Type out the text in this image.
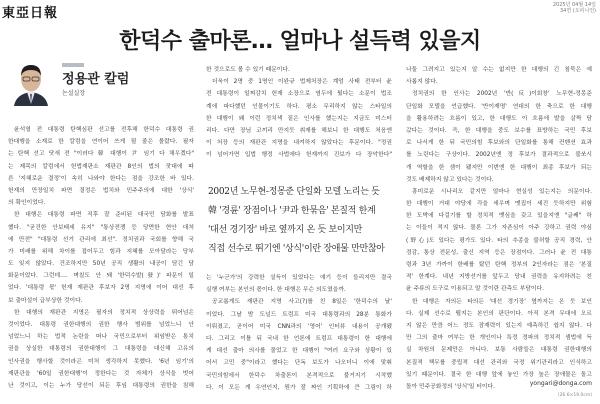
東亞日報
2025년 04월 14일
34면 (오피니언)
한덕수 출마론… 얼마나 설득력 있을지
정용관 칼럼
논설실장
윤석열 전 대통령 탄핵심판 선고를 전후해 한덕수 대통령 권
한대행을 소재로 한 칼럼을 연이어 쓰게 될 줄은 몰랐다. 필자
는 탄핵 선고 닷새 전 "이러다 韓 대행이 尹 임기 다 채우겠다"
는 제목의 칼럼에서 헌법재판소 재판관 8인의 법의 잣대에 따
른 '지혜로운 결정'이 속히 나와야 한다는 점을 강조한 바 있다.
헌재의 만장일치 파면 결정은 법치와 민주주의에 대한 '상식'
의 확인이었다.
한 대행은 대통령 파면 직후 잘 준비된 대국민 담화를 발표
했다. "굳건한 안보태세 유지" "통상전쟁 등 당면한 현안 대처
에 만전" "대통령 선거 관리에 최선". 정치권과 국회를 향해 국
가 미래를 위해 차이를 접어두고 힘과 지혜를 모아달라는 당부
도 잊지 않았다. 건조하지만 50년 공직 생활의 내공이 담긴 담
화문이었다. 그런데…. 며칠도 안 돼 '한덕수발(發)' 파문이 일
었다. '대통령 몫' 헌재 재판관 후보자 2명 지명에 이어 대선 후
보 출마설이 급부상한 것이다.
한 대행의 재판관 지명은 필자의 정치적 상상력을 뛰어넘은
것이었다. 대통령 권한대행의 권한 행사 범위를 넘었느니 안
넘었느니 하는 법적 논란을 떠나 국민으로부터 위임받은 통치
권을 상실한 대통령의 권한대행이 그 대통령을 대신해 고유의
인사권을 행사할 것이라곤 미처 생각하지 못했다. '6년 임기'의
재판관을 '60일 권한대행'이 정한다는 것 자체가 상식을 벗어
난 것이고, 이는 누가 당선이 되든 후임 대통령의 권한을 침해
한 것으로도 볼 수 있기 때문이다.
더욱이 2명 중 1명인 이완규 법제처장은 계엄 사태 전부터 윤
전 대통령이 일찌감치 헌재 소장으로 염두에 뒀다는 소문이 법조
계에 파다했던 인물이기도 하다. 평소 무리하지 않는 스타일의
한 대행이 왜 이런 정치색 짙은 인사를 했는지는 지금도 미스터
리다. 다만 장님 코끼리 만지듯 취재를 해보니 한 대행도 처음엔
이 처장 등의 재판관 지명을 내켜하지 않았다는 후문이다. "정권
이 넘어가면 입법 행정 사법에다 헌재까지 진보가 다 장악한다"
2002년 노무현-정몽준 단일화 모델 노리는 듯
韓 '경륜' 장점이나 '尹과 한묶음' 본질적 한계
'대선 경기장' 바로 옆까지 온 듯 보이지만
직접 선수로 뛰기엔 '상식'이란 장애물 만만찮아
는 '누군가'의 강력한 설득이 있었다는 얘기 등이 들리지만 결국
실행 여부는 본인의 몫이다. 한 대행은 무슨 의도였을까.
공교롭게도 재판관 지명 사고(?)를 친 8일은 '한덕수의 날'
이었다. 그날 밤 도널드 트럼프 미국 대통령과의 28분 통화가
이뤄졌고, 곧이어 미국 CNN과의 '영어' 인터뷰 내용이 공개됐
다. 그리고 이틀 뒤 국내 한 언론에 트럼프 대통령이 한 대행에
게 대선 출마 의사를 물었고 한 대행이 "여러 요구와 상황이 있
어서 고민 중"이라고 했다는 단독 보도가 나오더니 이에 맞춰
국민의힘에서 한덕수 차출론이 본격적으로 불거지기 시작했
다. 이 모든 게 우연인지, 뭔가 잘 짜인 기획하에 큰 그림이 하
나둘 그려지고 있는지 알 수는 없지만 한 대행의 긴 침묵은 예
사롭지 않다.
정치권의 한 인사는 2002년 '반(反)이회창' 노무현-정몽준
단일화 모델을 언급했다. '반이재명' 연대의 한 축으로 한 대행
을 활용하려는 흐름이 있고, 한 대행도 이 흐름에 발을 살짝 담
갔다는 것이다. 즉, 한 대행을 중도 보수를 표방하는 국민 후보
로 나서게 한 뒤 국민의힘 후보와의 단일화를 통해 컨벤션 효과
를 노린다는 구상이다. 2002년엔 정 후보가 결과적으로 불쏘시
개 역할을 한 셈이 됐지만 이번엔 한 대행이 최종 후보가 되는
것도 배제하지 않고 있다는 것이다.
흥미로운 시나리오 같지만 얼마나 현실성 있는지는 의문이다.
한 대행이 거대 야당에 각을 세우며 맷집이 세진 듯하지만 위험
한 도박에 다걸기를 할 정치적 뱃심을 갖고 있을지엔 "글쎄" 하
는 이들이 적지 않다. 물론 그가 자존심이 아주 강하고 권력 야심
(野心)도 있다는 평가도 있다. 타의 추종을 불허할 공직 경력, 안
정감, 통상 전문성, 출신 지역 등은 장점이다. 그러나 윤 전 대통
령과 3년 가까이 한배를 탔던 탄핵 정부의 2인자라는 점은 '본질
적' 한계다. 내년 지방선거를 앞두고 당내 권력을 유지하려는 친
윤 주류의 도구로 이용되고 말 것이란 관측도 부담이다.
한 대행은 자의든 타의든 '대선 경기장' 옆까지는 온 듯 보인
다. 실제 선수로 뛸지는 본인의 판단이다. 아직 본격 무대에 오르
지 않은 만큼 어느 정도 잠재력이 있는지 예측하긴 쉽지 않다. 다
만 그의 출마 여부는 한 개인이나 특정 정파의 정치적 셈법에 득
실 차원의 문제만은 아니다. 보통 사람들은 대통령 권한대행의
본질적 책무를 중립적 대선 관리와 국정 위기관리라고 인식하고
있기 때문이다. 결국 한 대행 앞에 놓인 가장 높은 장애물은 돌고
돌아 민주공화정의 '상식'일 터이다.	yongari@donga.com
(26.6×19.0cm)
